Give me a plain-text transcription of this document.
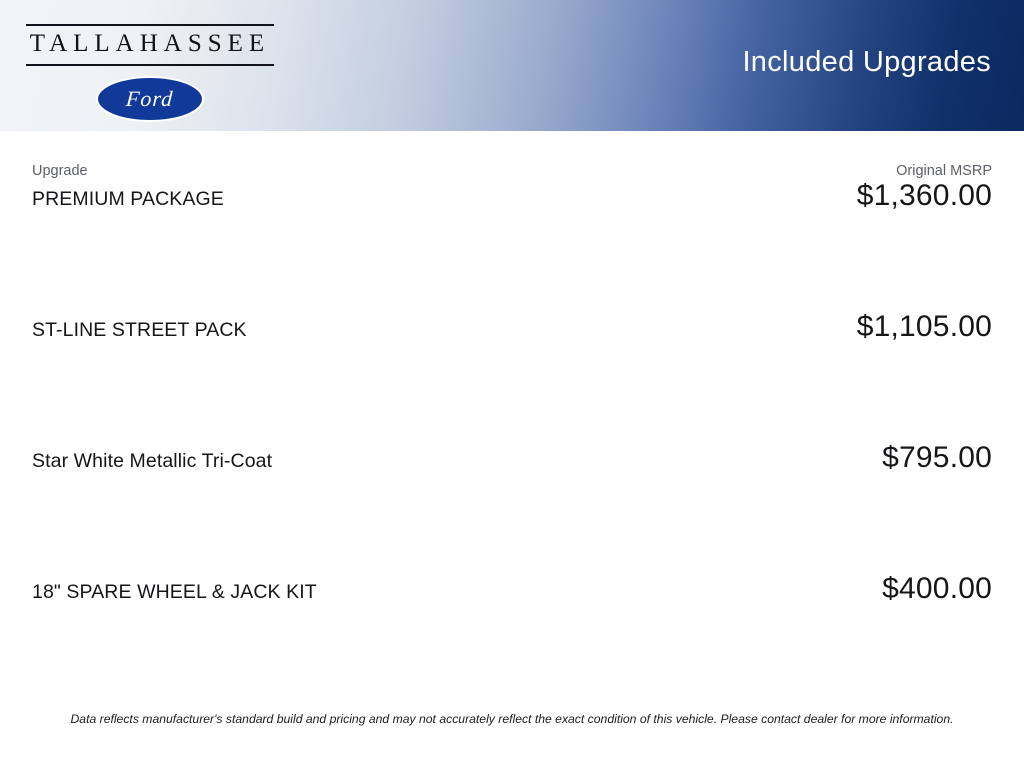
TALLAHASSEE
Ford
Included Upgrades
Upgrade	Original MSRP
PREMIUM PACKAGE	$1,360.00
ST-LINE STREET PACK	$1,105.00
Star White Metallic Tri-Coat	$795.00
18" SPARE WHEEL & JACK KIT	$400.00
Data reflects manufacturer's standard build and pricing and may not accurately reflect the exact condition of this vehicle. Please contact dealer for more information.
